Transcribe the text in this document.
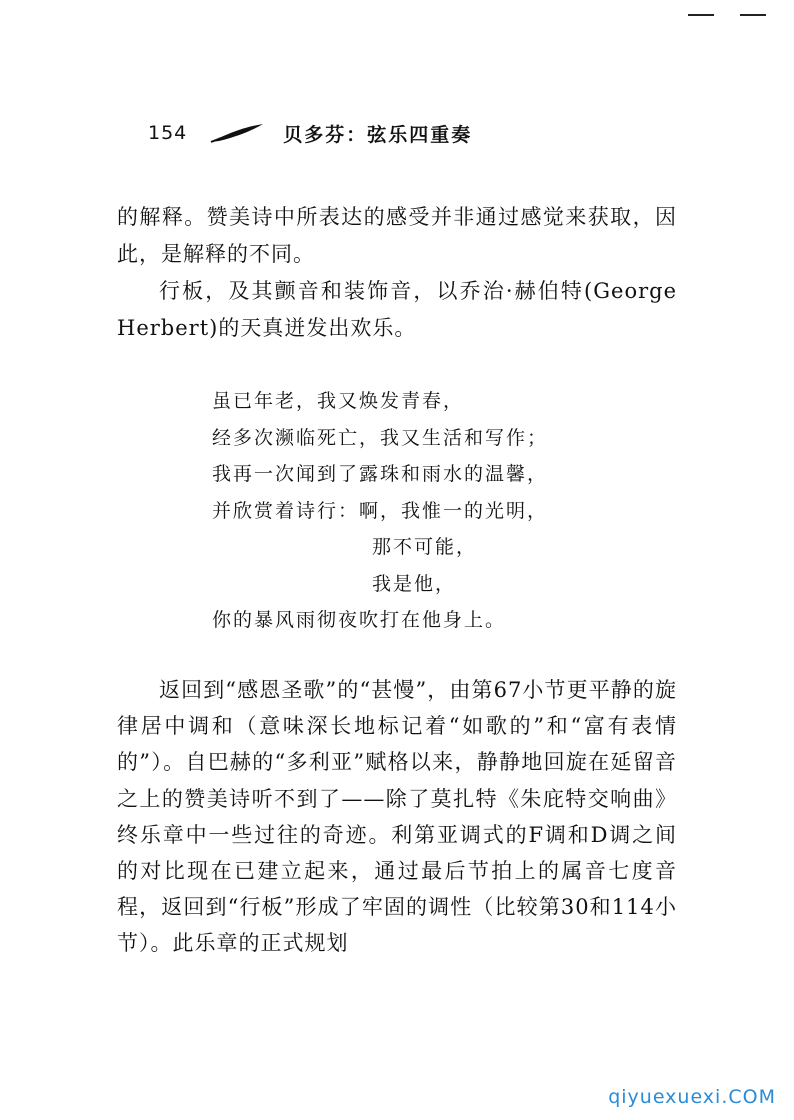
154	贝多芬：弦乐四重奏
的解释。赞美诗中所表达的感受并非通过感觉来获取，因此，是解释的不同。
行板，及其颤音和装饰音，以乔治·赫伯特(George Herbert)的天真迸发出欢乐。
虽已年老，我又焕发青春，
经多次濒临死亡，我又生活和写作；
我再一次闻到了露珠和雨水的温馨，
并欣赏着诗行：啊，我惟一的光明，
那不可能，
我是他，
你的暴风雨彻夜吹打在他身上。
返回到“感恩圣歌”的“甚慢”，由第67小节更平静的旋律居中调和（意味深长地标记着“如歌的”和“富有表情的”）。自巴赫的“多利亚”赋格以来，静静地回旋在延留音之上的赞美诗听不到了——除了莫扎特《朱庇特交响曲》终乐章中一些过往的奇迹。利第亚调式的F调和D调之间的对比现在已建立起来，通过最后节拍上的属音七度音程，返回到“行板”形成了牢固的调性（比较第30和114小节）。此乐章的正式规划
qiyuexuexi.COM
